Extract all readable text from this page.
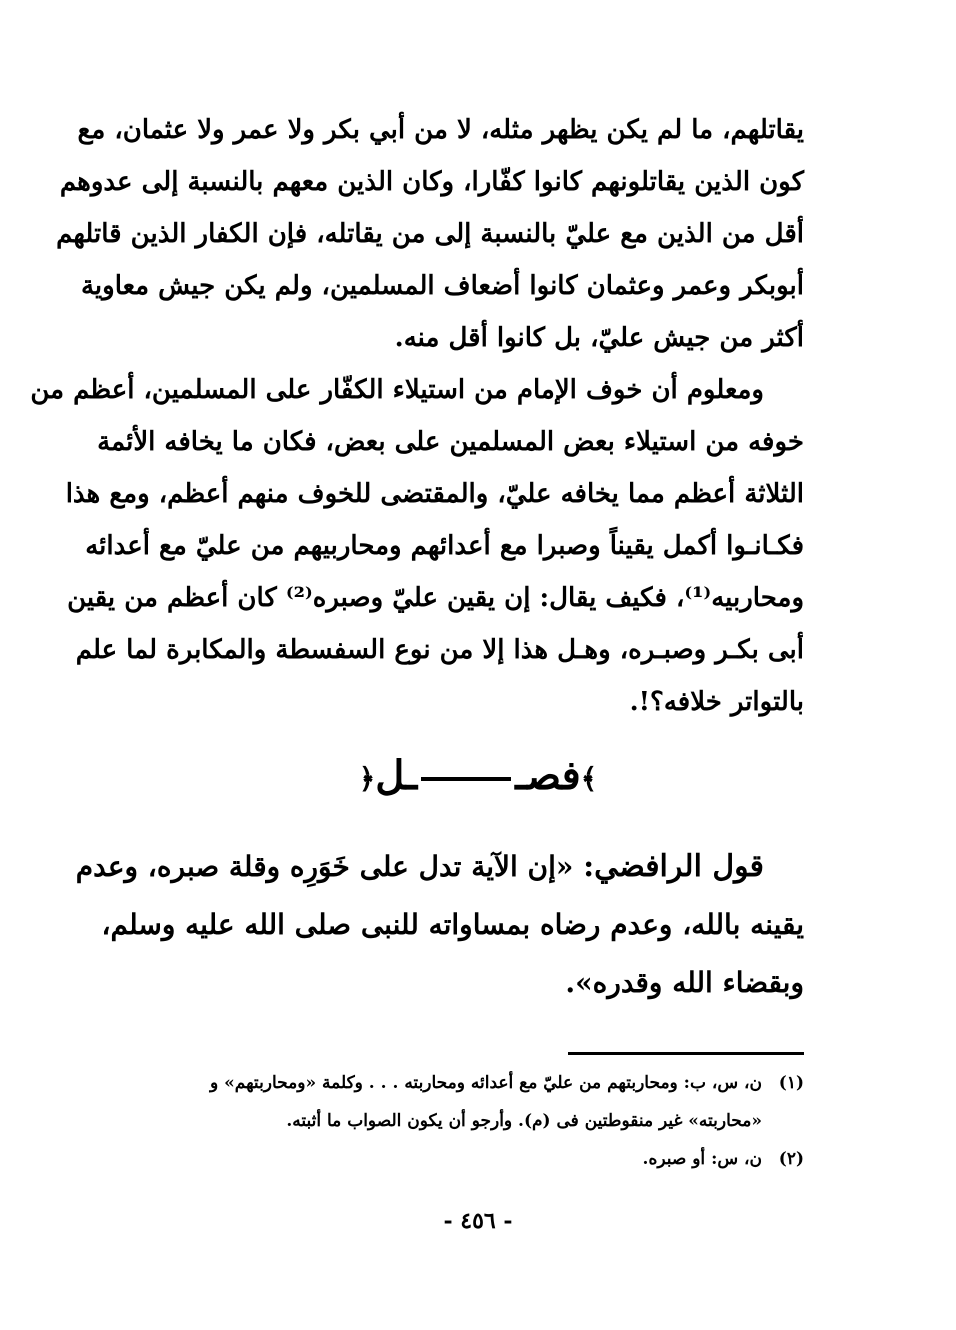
يقاتلهم، ما لم يكن يظهر مثله، لا من أبي بكر ولا عمر ولا عثمان، مع
كون الذين يقاتلونهم كانوا كفّارا، وكان الذين معهم بالنسبة إلى عدوهم
أقل من الذين مع عليّ بالنسبة إلى من يقاتله، فإن الكفار الذين قاتلهم
أبوبكر وعمر وعثمان كانوا أضعاف المسلمين، ولم يكن جيش معاوية
أكثر من جيش عليّ، بل كانوا أقل منه.
ومعلوم أن خوف الإمام من استيلاء الكفّار على المسلمين، أعظم من
خوفه من استيلاء بعض المسلمين على بعض، فكان ما يخافه الأئمة
الثلاثة أعظم مما يخافه عليّ، والمقتضى للخوف منهم أعظم، ومع هذا
فكـانـوا أكمل يقيناً وصبرا مع أعدائهم ومحاربيهم من عليّ مع أعدائه
ومحاربيه⁽¹⁾، فكيف يقال: إن يقين عليّ وصبره⁽²⁾ كان أعظم من يقين
أبى بكـر وصبـره، وهـل هذا إلا من نوع السفسطة والمكابرة لما علم
بالتواتر خلافه؟!.
﴾فصــل﴿
قول الرافضي: «إن الآية تدل على خَوَرِه وقلة صبره، وعدم
يقينه بالله، وعدم رضاه بمساواته للنبى صلى الله عليه وسلم،
وبقضاء الله وقدره».
(١)ن، س، ب: ومحاربتهم من عليّ مع أعدائه ومحاربته . . . وكلمة «ومحاربتهم» و
«محاربته» غير منقوطتين فى (م). وأرجو أن يكون الصواب ما أثبته.
(٢)ن، س: أو صبره.
- ٤٥٦ -
